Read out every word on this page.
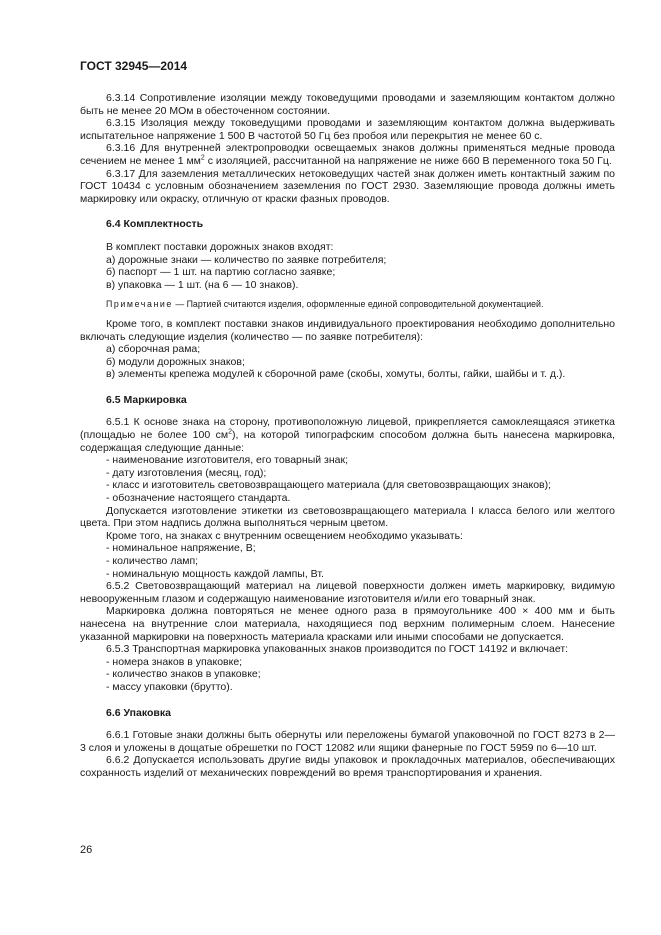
ГОСТ 32945—2014

6.3.14 Сопротивление изоляции между токоведущими проводами и заземляющим контактом должно быть не менее 20 МОм в обесточенном состоянии.

6.3.15 Изоляция между токоведущими проводами и заземляющим контактом должна выдерживать испытательное напряжение 1 500 В частотой 50 Гц без пробоя или перекрытия не менее 60 с.

6.3.16 Для внутренней электропроводки освещаемых знаков должны применяться медные провода сечением не менее 1 $мм^2$ с изоляцией, рассчитанной на напряжение не ниже 660 В переменного тока 50 Гц.

6.3.17 Для заземления металлических нетоковедущих частей знак должен иметь контактный зажим по ГОСТ 10434 с условным обозначением заземления по ГОСТ 2930. Заземляющие провода должны иметь маркировку или окраску, отличную от краски фазных проводов.

6.4 Комплектность

В комплект поставки дорожных знаков входят:

а) дорожные знаки — количество по заявке потребителя;

б) паспорт — 1 шт. на партию согласно заявке;

в) упаковка — 1 шт. (на 6 — 10 знаков).

Примечание — Партией считаются изделия, оформленные единой сопроводительной документацией.

Кроме того, в комплект поставки знаков индивидуального проектирования необходимо дополнительно включать следующие изделия (количество — по заявке потребителя):

а) сборочная рама;

б) модули дорожных знаков;

в) элементы крепежа модулей к сборочной раме (скобы, хомуты, болты, гайки, шайбы и т. д.).

6.5 Маркировка

6.5.1 К основе знака на сторону, противоположную лицевой, прикрепляется самоклеящаяся этикетка (площадью не более 100 $см^2$), на которой типографским способом должна быть нанесена маркировка, содержащая следующие данные:

- наименование изготовителя, его товарный знак;

- дату изготовления (месяц, год);

- класс и изготовитель световозвращающего материала (для световозвращающих знаков);

- обозначение настоящего стандарта.

Допускается изготовление этикетки из световозвращающего материала I класса белого или желтого цвета. При этом надпись должна выполняться черным цветом.

Кроме того, на знаках с внутренним освещением необходимо указывать:

- номинальное напряжение, В;

- количество ламп;

- номинальную мощность каждой лампы, Вт.

6.5.2 Световозвращающий материал на лицевой поверхности должен иметь маркировку, видимую невооруженным глазом и содержащую наименование изготовителя и/или его товарный знак.

Маркировка должна повторяться не менее одного раза в прямоугольнике 400 × 400 мм и быть нанесена на внутренние слои материала, находящиеся под верхним полимерным слоем. Нанесение указанной маркировки на поверхность материала красками или иными способами не допускается.

6.5.3 Транспортная маркировка упакованных знаков производится по ГОСТ 14192 и включает:

- номера знаков в упаковке;

- количество знаков в упаковке;

- массу упаковки (брутто).

6.6 Упаковка

6.6.1 Готовые знаки должны быть обернуты или переложены бумагой упаковочной по ГОСТ 8273 в 2—3 слоя и уложены в дощатые обрешетки по ГОСТ 12082 или ящики фанерные по ГОСТ 5959 по 6—10 шт.

6.6.2 Допускается использовать другие виды упаковок и прокладочных материалов, обеспечивающих сохранность изделий от механических повреждений во время транспортирования и хранения.

26
